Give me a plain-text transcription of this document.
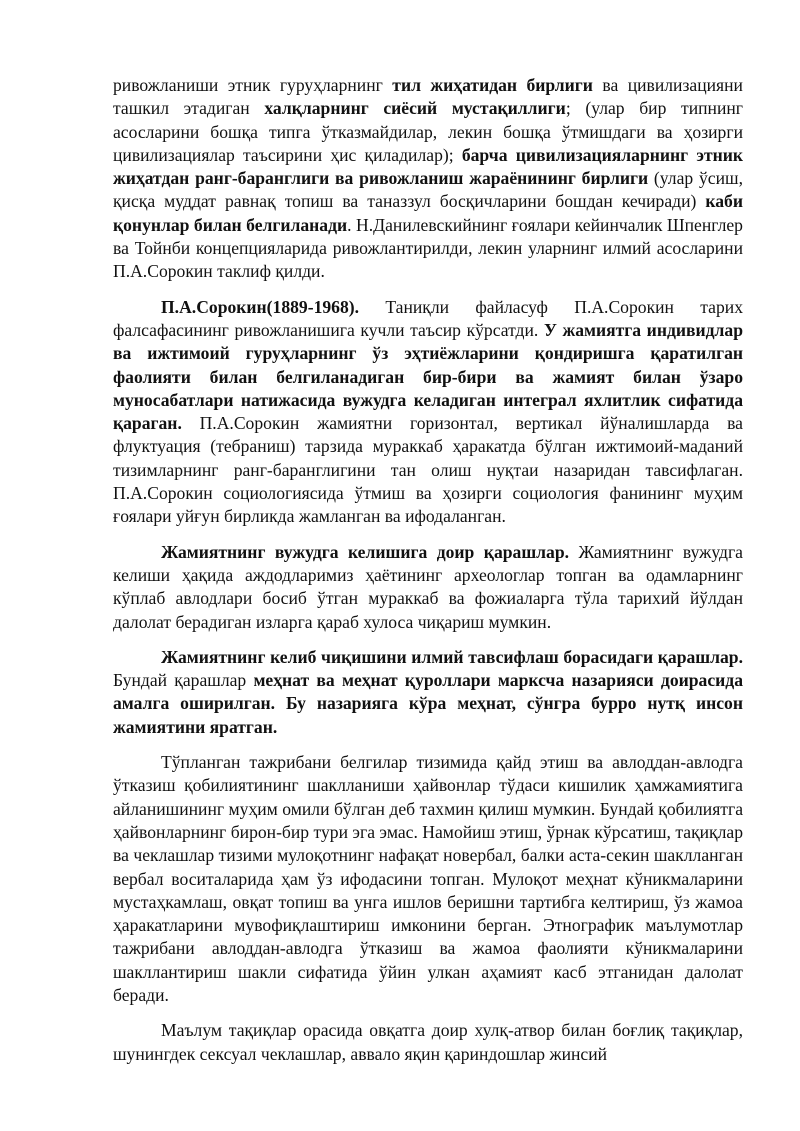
ривожланиши этник гуруҳларнинг тил жиҳатидан бирлиги ва цивилизацияни ташкил этадиган халқларнинг сиёсий мустақиллиги; (улар бир типнинг асосларини бошқа типга ўтказмайдилар, лекин бошқа ўтмишдаги ва ҳозирги цивилизациялар таъсирини ҳис қиладилар); барча цивилизацияларнинг этник жиҳатдан ранг-баранглиги ва ривожланиш жараёнининг бирлиги (улар ўсиш, қисқа муддат равнақ топиш ва таназзул босқичларини бошдан кечиради) каби қонунлар билан белгиланади. Н.Данилевскийнинг ғоялари кейинчалик Шпенглер ва Тойнби концепцияларида ривожлантирилди, лекин уларнинг илмий асосларини П.А.Сорокин таклиф қилди.

П.А.Сорокин(1889-1968). Таниқли файласуф П.А.Сорокин тарих фалсафасининг ривожланишига кучли таъсир кўрсатди. У жамиятга индивидлар ва ижтимоий гуруҳларнинг ўз эҳтиёжларини қондиришга қаратилган фаолияти билан белгиланадиган бир-бири ва жамият билан ўзаро муносабатлари натижасида вужудга келадиган интеграл яхлитлик сифатида қараган. П.А.Сорокин жамиятни горизонтал, вертикал йўналишларда ва флуктуация (тебраниш) тарзида мураккаб ҳаракатда бўлган ижтимоий-маданий тизимларнинг ранг-баранглигини тан олиш нуқтаи назаридан тавсифлаган. П.А.Сорокин социологиясида ўтмиш ва ҳозирги социология фанининг муҳим ғоялари уйғун бирликда жамланган ва ифодаланган.

Жамиятнинг вужудга келишига доир қарашлар. Жамиятнинг вужудга келиши ҳақида аждодларимиз ҳаётининг археологлар топган ва одамларнинг кўплаб авлодлари босиб ўтган мураккаб ва фожиаларга тўла тарихий йўлдан далолат берадиган изларга қараб хулоса чиқариш мумкин.

Жамиятнинг келиб чиқишини илмий тавсифлаш борасидаги қарашлар. Бундай қарашлар меҳнат ва меҳнат қуроллари марксча назарияси доирасида амалга оширилган. Бу назарияга кўра меҳнат, сўнгра бурро нутқ инсон жамиятини яратган.

Тўпланган тажрибани белгилар тизимида қайд этиш ва авлоддан-авлодга ўтказиш қобилиятининг шаклланиши ҳайвонлар тўдаси кишилик ҳамжамиятига айланишининг муҳим омили бўлган деб тахмин қилиш мумкин. Бундай қобилиятга ҳайвонларнинг бирон-бир тури эга эмас. Намойиш этиш, ўрнак кўрсатиш, тақиқлар ва чеклашлар тизими мулоқотнинг нафақат новербал, балки аста-секин шаклланган вербал воситаларида ҳам ўз ифодасини топган. Мулоқот меҳнат кўникмаларини мустаҳкамлаш, овқат топиш ва унга ишлов беришни тартибга келтириш, ўз жамоа ҳаракатларини мувофиқлаштириш имконини берган. Этнографик маълумотлар тажрибани авлоддан-авлодга ўтказиш ва жамоа фаолияти кўникмаларини шакллантириш шакли сифатида ўйин улкан аҳамият касб этганидан далолат беради.

Маълум тақиқлар орасида овқатга доир хулқ-атвор билан боғлиқ тақиқлар, шунингдек сексуал чеклашлар, аввало яқин қариндошлар жинсий
